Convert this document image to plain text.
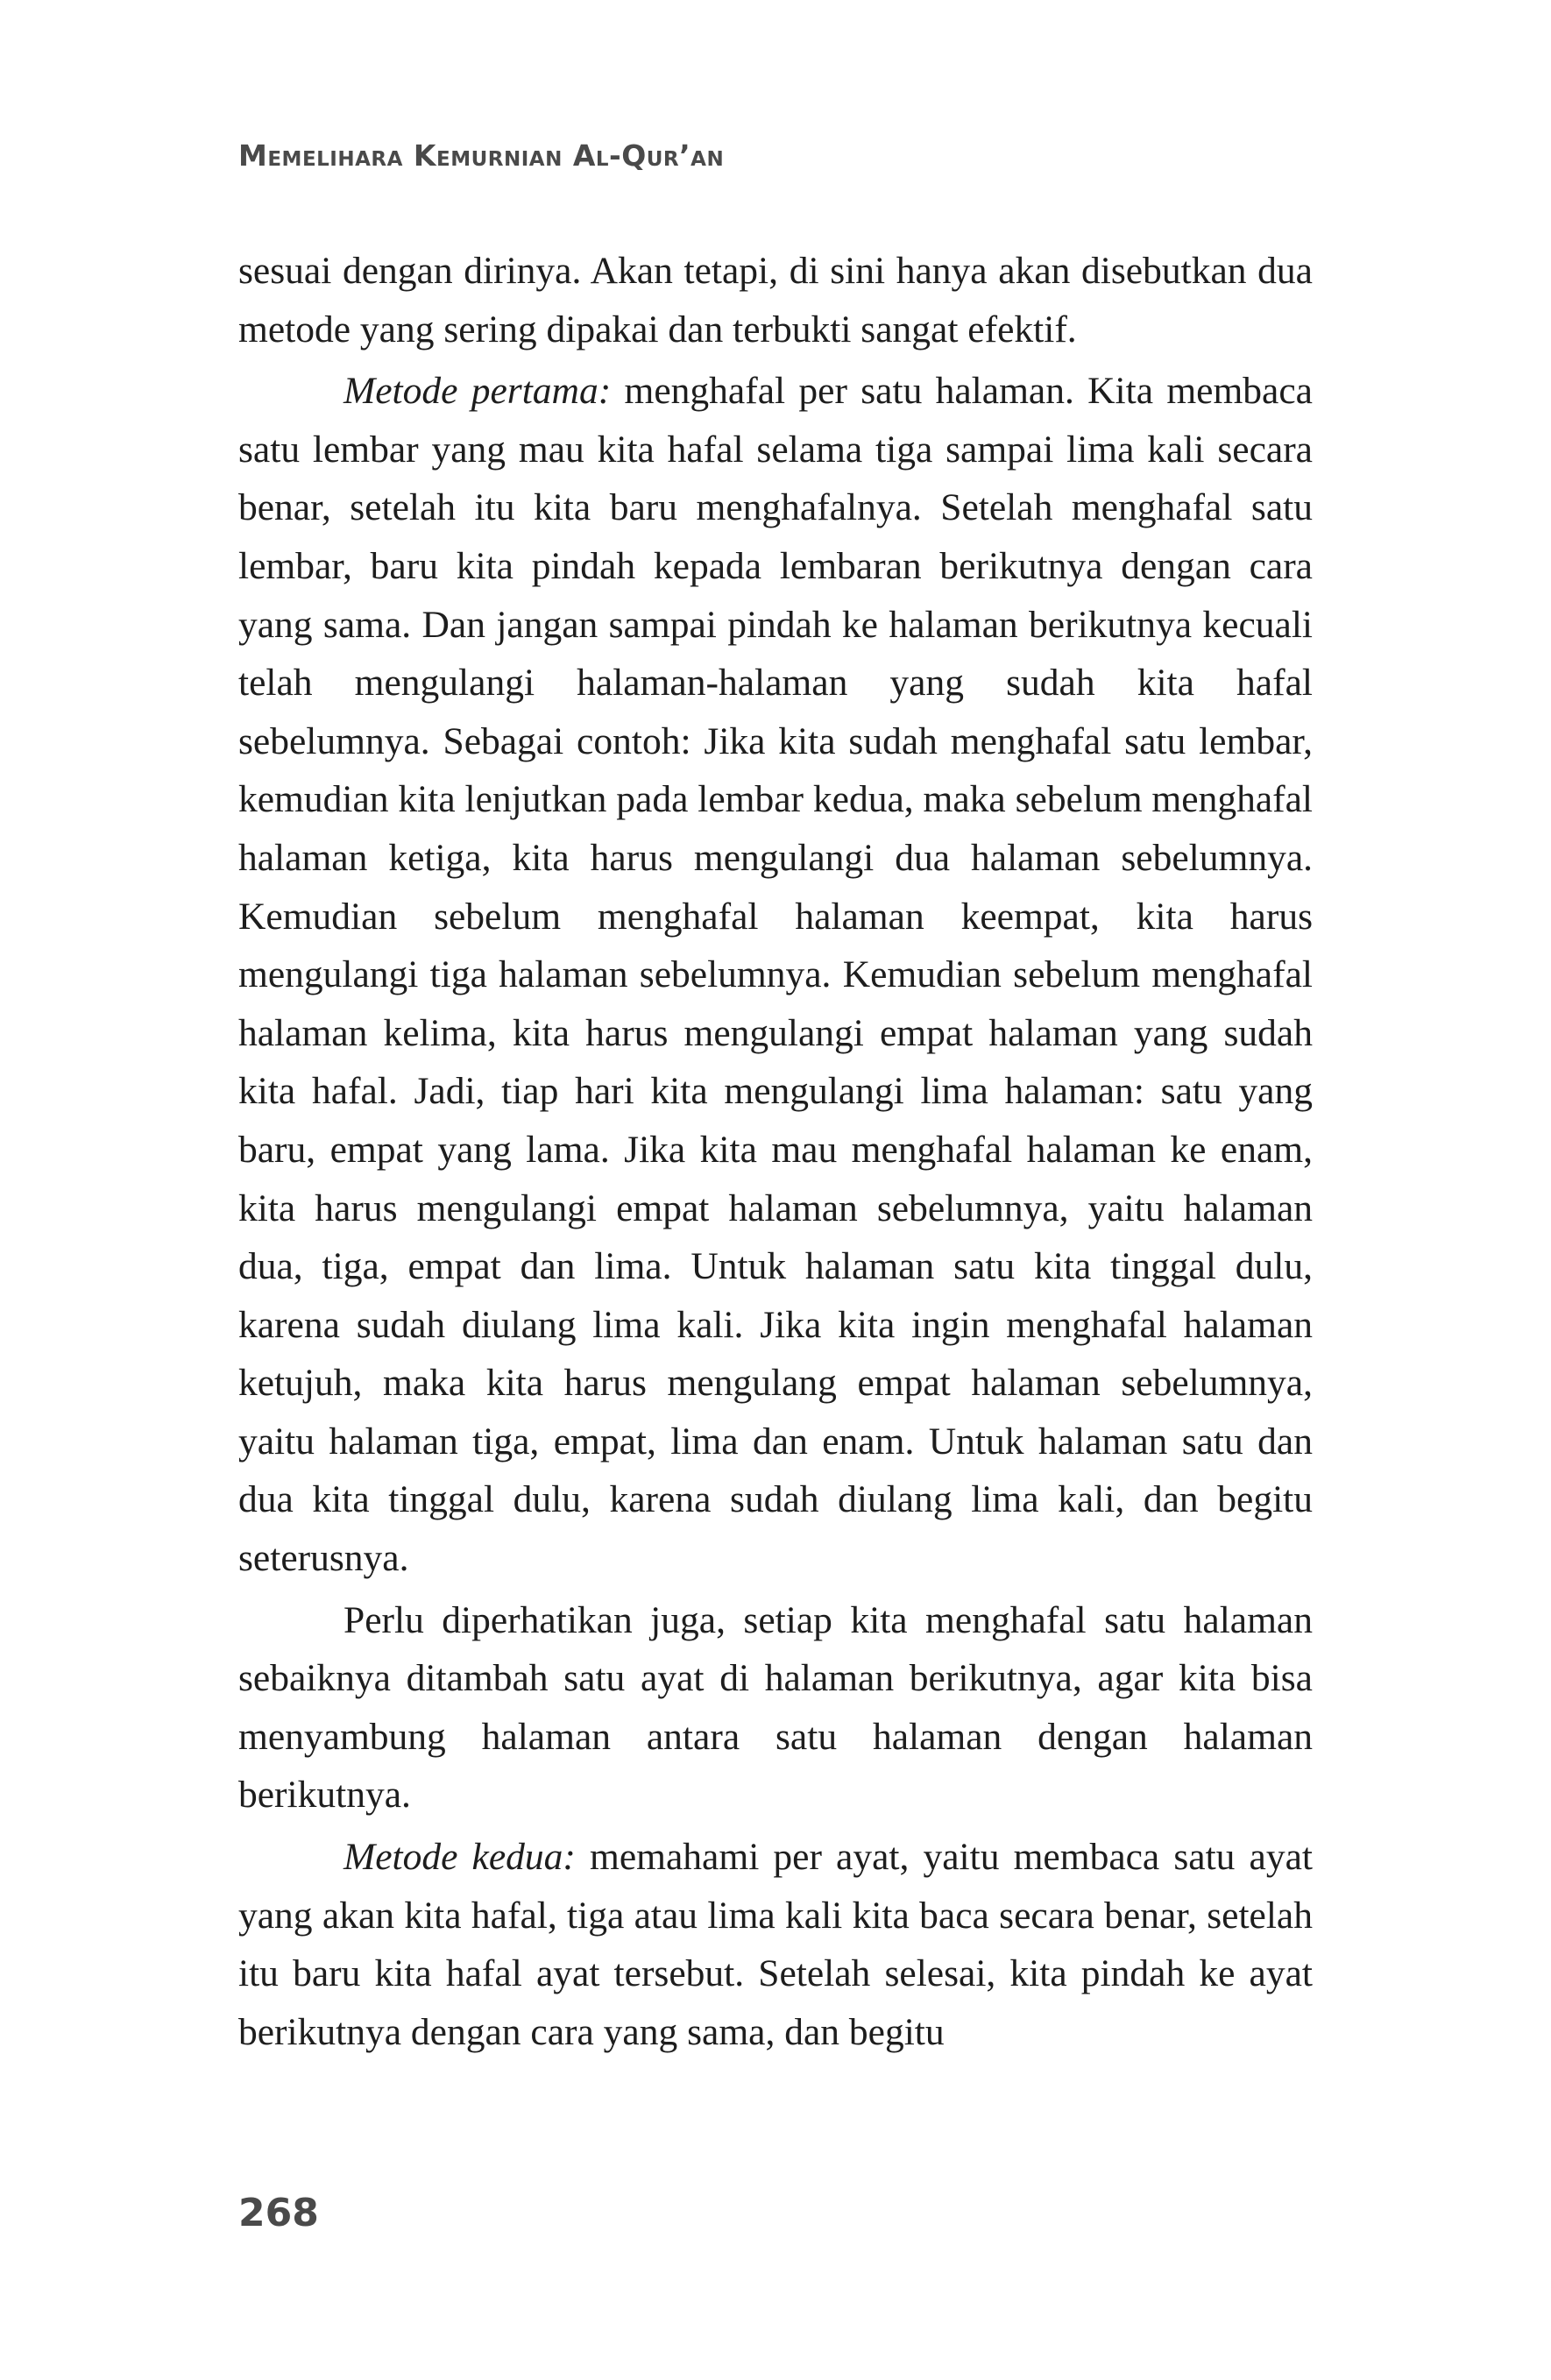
Memelihara Kemurnian Al-Qur’an

sesuai dengan dirinya. Akan tetapi, di sini hanya akan disebutkan dua metode yang sering dipakai dan terbukti sangat efektif.

Metode pertama: menghafal per satu halaman. Kita membaca satu lembar yang mau kita hafal selama tiga sampai lima kali secara benar, setelah itu kita baru menghafalnya. Setelah menghafal satu lembar, baru kita pindah kepada lembaran berikutnya dengan cara yang sama. Dan jangan sampai pindah ke halaman berikutnya kecuali telah mengulangi halaman-halaman yang sudah kita hafal sebelumnya. Sebagai contoh: Jika kita sudah menghafal satu lembar, kemudian kita lenjutkan pada lembar kedua, maka sebelum menghafal halaman ketiga, kita harus mengulangi dua halaman sebelumnya. Kemudian sebelum menghafal halaman keempat, kita harus mengulangi tiga halaman sebelumnya. Kemudian sebelum menghafal halaman kelima, kita harus mengulangi empat halaman yang sudah kita hafal. Jadi, tiap hari kita mengulangi lima halaman: satu yang baru, empat yang lama. Jika kita mau menghafal halaman ke enam, kita harus mengulangi empat halaman sebelumnya, yaitu halaman dua, tiga, empat dan lima. Untuk halaman satu kita tinggal dulu, karena sudah diulang lima kali. Jika kita ingin menghafal halaman ketujuh, maka kita harus mengulang empat halaman sebelumnya, yaitu halaman tiga, empat, lima dan enam. Untuk halaman satu dan dua kita tinggal dulu, karena sudah diulang lima kali, dan begitu seterusnya.

Perlu diperhatikan juga, setiap kita menghafal satu halaman sebaiknya ditambah satu ayat di halaman berikutnya, agar kita bisa menyambung halaman antara satu halaman dengan halaman berikutnya.

Metode kedua: memahami per ayat, yaitu membaca satu ayat yang akan kita hafal, tiga atau lima kali kita baca secara benar, setelah itu baru kita hafal ayat tersebut. Setelah selesai, kita pindah ke ayat berikutnya dengan cara yang sama, dan begitu

268
